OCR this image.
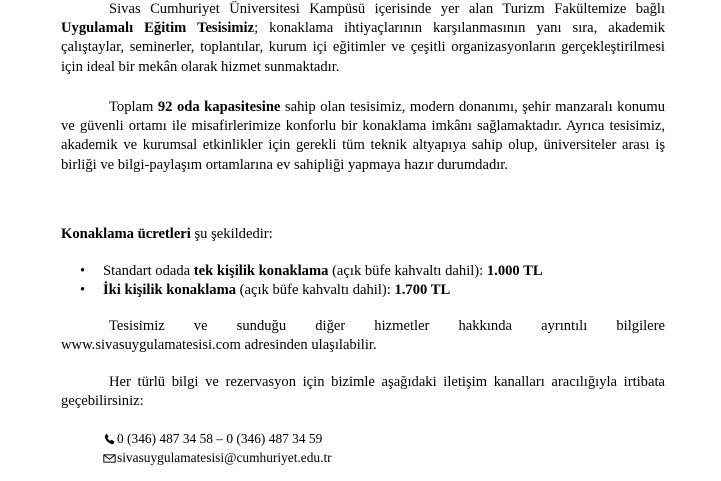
Sivas Cumhuriyet Üniversitesi Kampüsü içerisinde yer alan Turizm Fakültemize bağlı Uygulamalı Eğitim Tesisimiz; konaklama ihtiyaçlarının karşılanmasının yanı sıra, akademik çalıştaylar, seminerler, toplantılar, kurum içi eğitimler ve çeşitli organizasyonların gerçekleştirilmesi için ideal bir mekân olarak hizmet sunmaktadır.

Toplam 92 oda kapasitesine sahip olan tesisimiz, modern donanımı, şehir manzaralı konumu ve güvenli ortamı ile misafirlerimize konforlu bir konaklama imkânı sağlamaktadır. Ayrıca tesisimiz, akademik ve kurumsal etkinlikler için gerekli tüm teknik altyapıya sahip olup, üniversiteler arası iş birliği ve bilgi-paylaşım ortamlarına ev sahipliği yapmaya hazır durumdadır.

Konaklama ücretleri şu şekildedir:

• Standart odada tek kişilik konaklama (açık büfe kahvaltı dahil): 1.000 TL
• İki kişilik konaklama (açık büfe kahvaltı dahil): 1.700 TL

Tesisimiz ve sunduğu diğer hizmetler hakkında ayrıntılı bilgilere www.sivasuygulamatesisi.com adresinden ulaşılabilir.

Her türlü bilgi ve rezervasyon için bizimle aşağıdaki iletişim kanalları aracılığıyla irtibata geçebilirsiniz:

0 (346) 487 34 58 – 0 (346) 487 34 59
sivasuygulamatesisi@cumhuriyet.edu.tr
